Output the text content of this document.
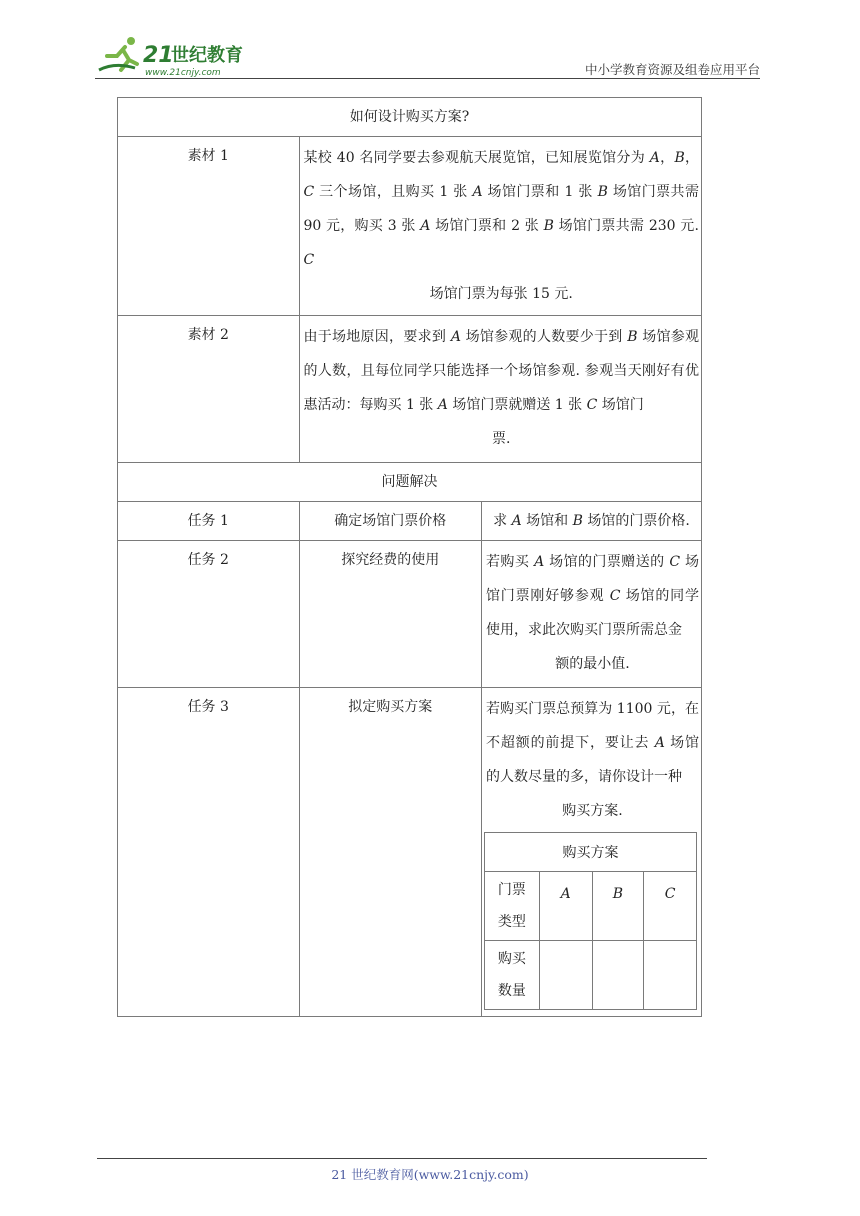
21
世纪教育
www.21cnjy.com	中小学教育资源及组卷应用平台
如何设计购买方案?
素材 1	某校 40 名同学要去参观航天展览馆，已知展览馆分为 A，B，C 三个场馆，且购买 1 张 A 场馆门票和 1 张 B 场馆门票共需 90 元，购买 3 张 A 场馆门票和 2 张 B 场馆门票共需 230 元. C
场馆门票为每张 15 元.

素材 2	由于场地原因，要求到 A 场馆参观的人数要少于到 B 场馆参观的人数，且每位同学只能选择一个场馆参观. 参观当天刚好有优惠活动：每购买 1 张 A 场馆门票就赠送 1 张 C 场馆门
票.

问题解决
任务 1	确定场馆门票价格	求 A 场馆和 B 场馆的门票价格.
任务 2	探究经费的使用	若购买 A 场馆的门票赠送的 C 场馆门票刚好够参观 C 场馆的同学使用，求此次购买门票所需总金
额的最小值.

任务 3	拟定购买方案	若购买门票总预算为 1100 元，在不超额的前提下，要让去 A 场馆的人数尽量的多，请你设计一种
购买方案.
购买方案
门票类型	A	B	C
购买数量			
21 世纪教育网(www.21cnjy.com)
